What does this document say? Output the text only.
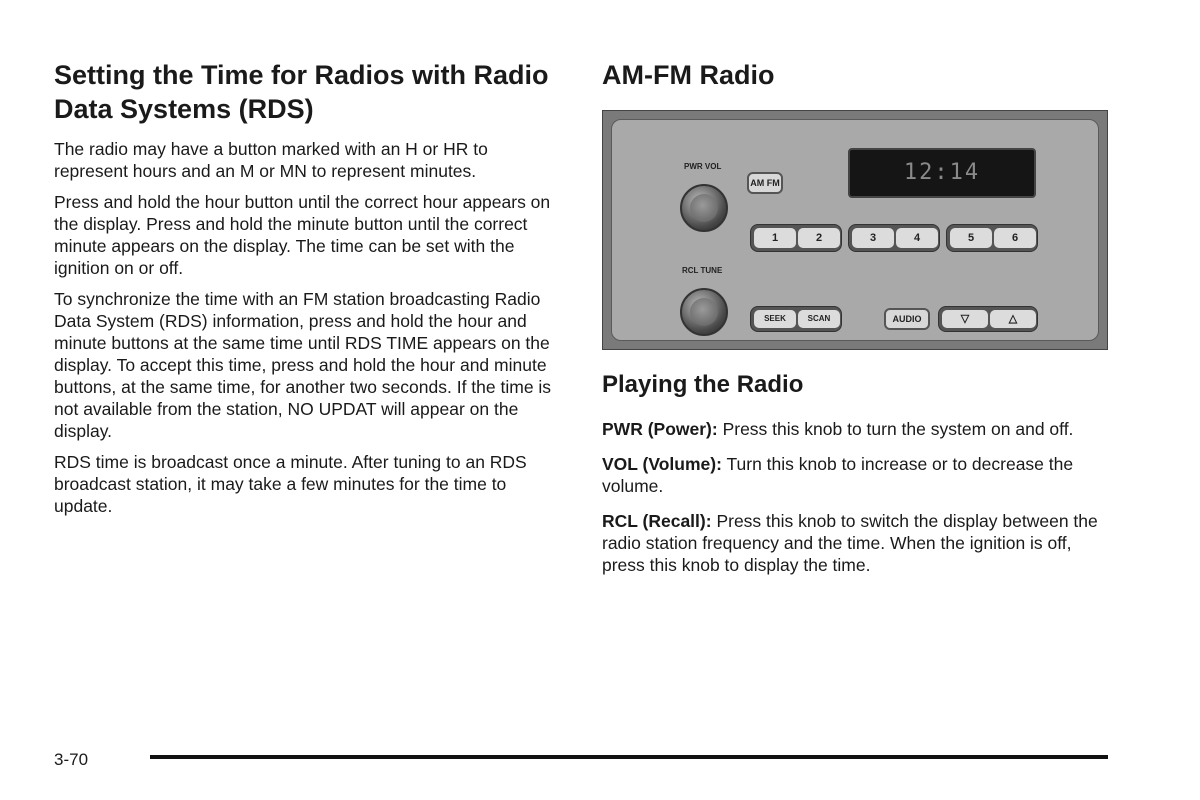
Setting the Time for Radios with Radio Data Systems (RDS)

The radio may have a button marked with an H or HR to represent hours and an M or MN to represent minutes.

Press and hold the hour button until the correct hour appears on the display. Press and hold the minute button until the correct minute appears on the display. The time can be set with the ignition on or off.

To synchronize the time with an FM station broadcasting Radio Data System (RDS) information, press and hold the hour and minute buttons at the same time until RDS TIME appears on the display. To accept this time, press and hold the hour and minute buttons, at the same time, for another two seconds. If the time is not available from the station, NO UPDAT will appear on the display.

RDS time is broadcast once a minute. After tuning to an RDS broadcast station, it may take a few minutes for the time to update.

AM-FM Radio
PWR VOL
RCL TUNE
AM FM	12:14
1	2	3	4	5	6
SEEK	SCAN	AUDIO	▽	△
Playing the Radio
PWR (Power): Press this knob to turn the system on and off.
VOL (Volume): Turn this knob to increase or to decrease the volume.
RCL (Recall): Press this knob to switch the display between the radio station frequency and the time. When the ignition is off, press this knob to display the time.
3-70
